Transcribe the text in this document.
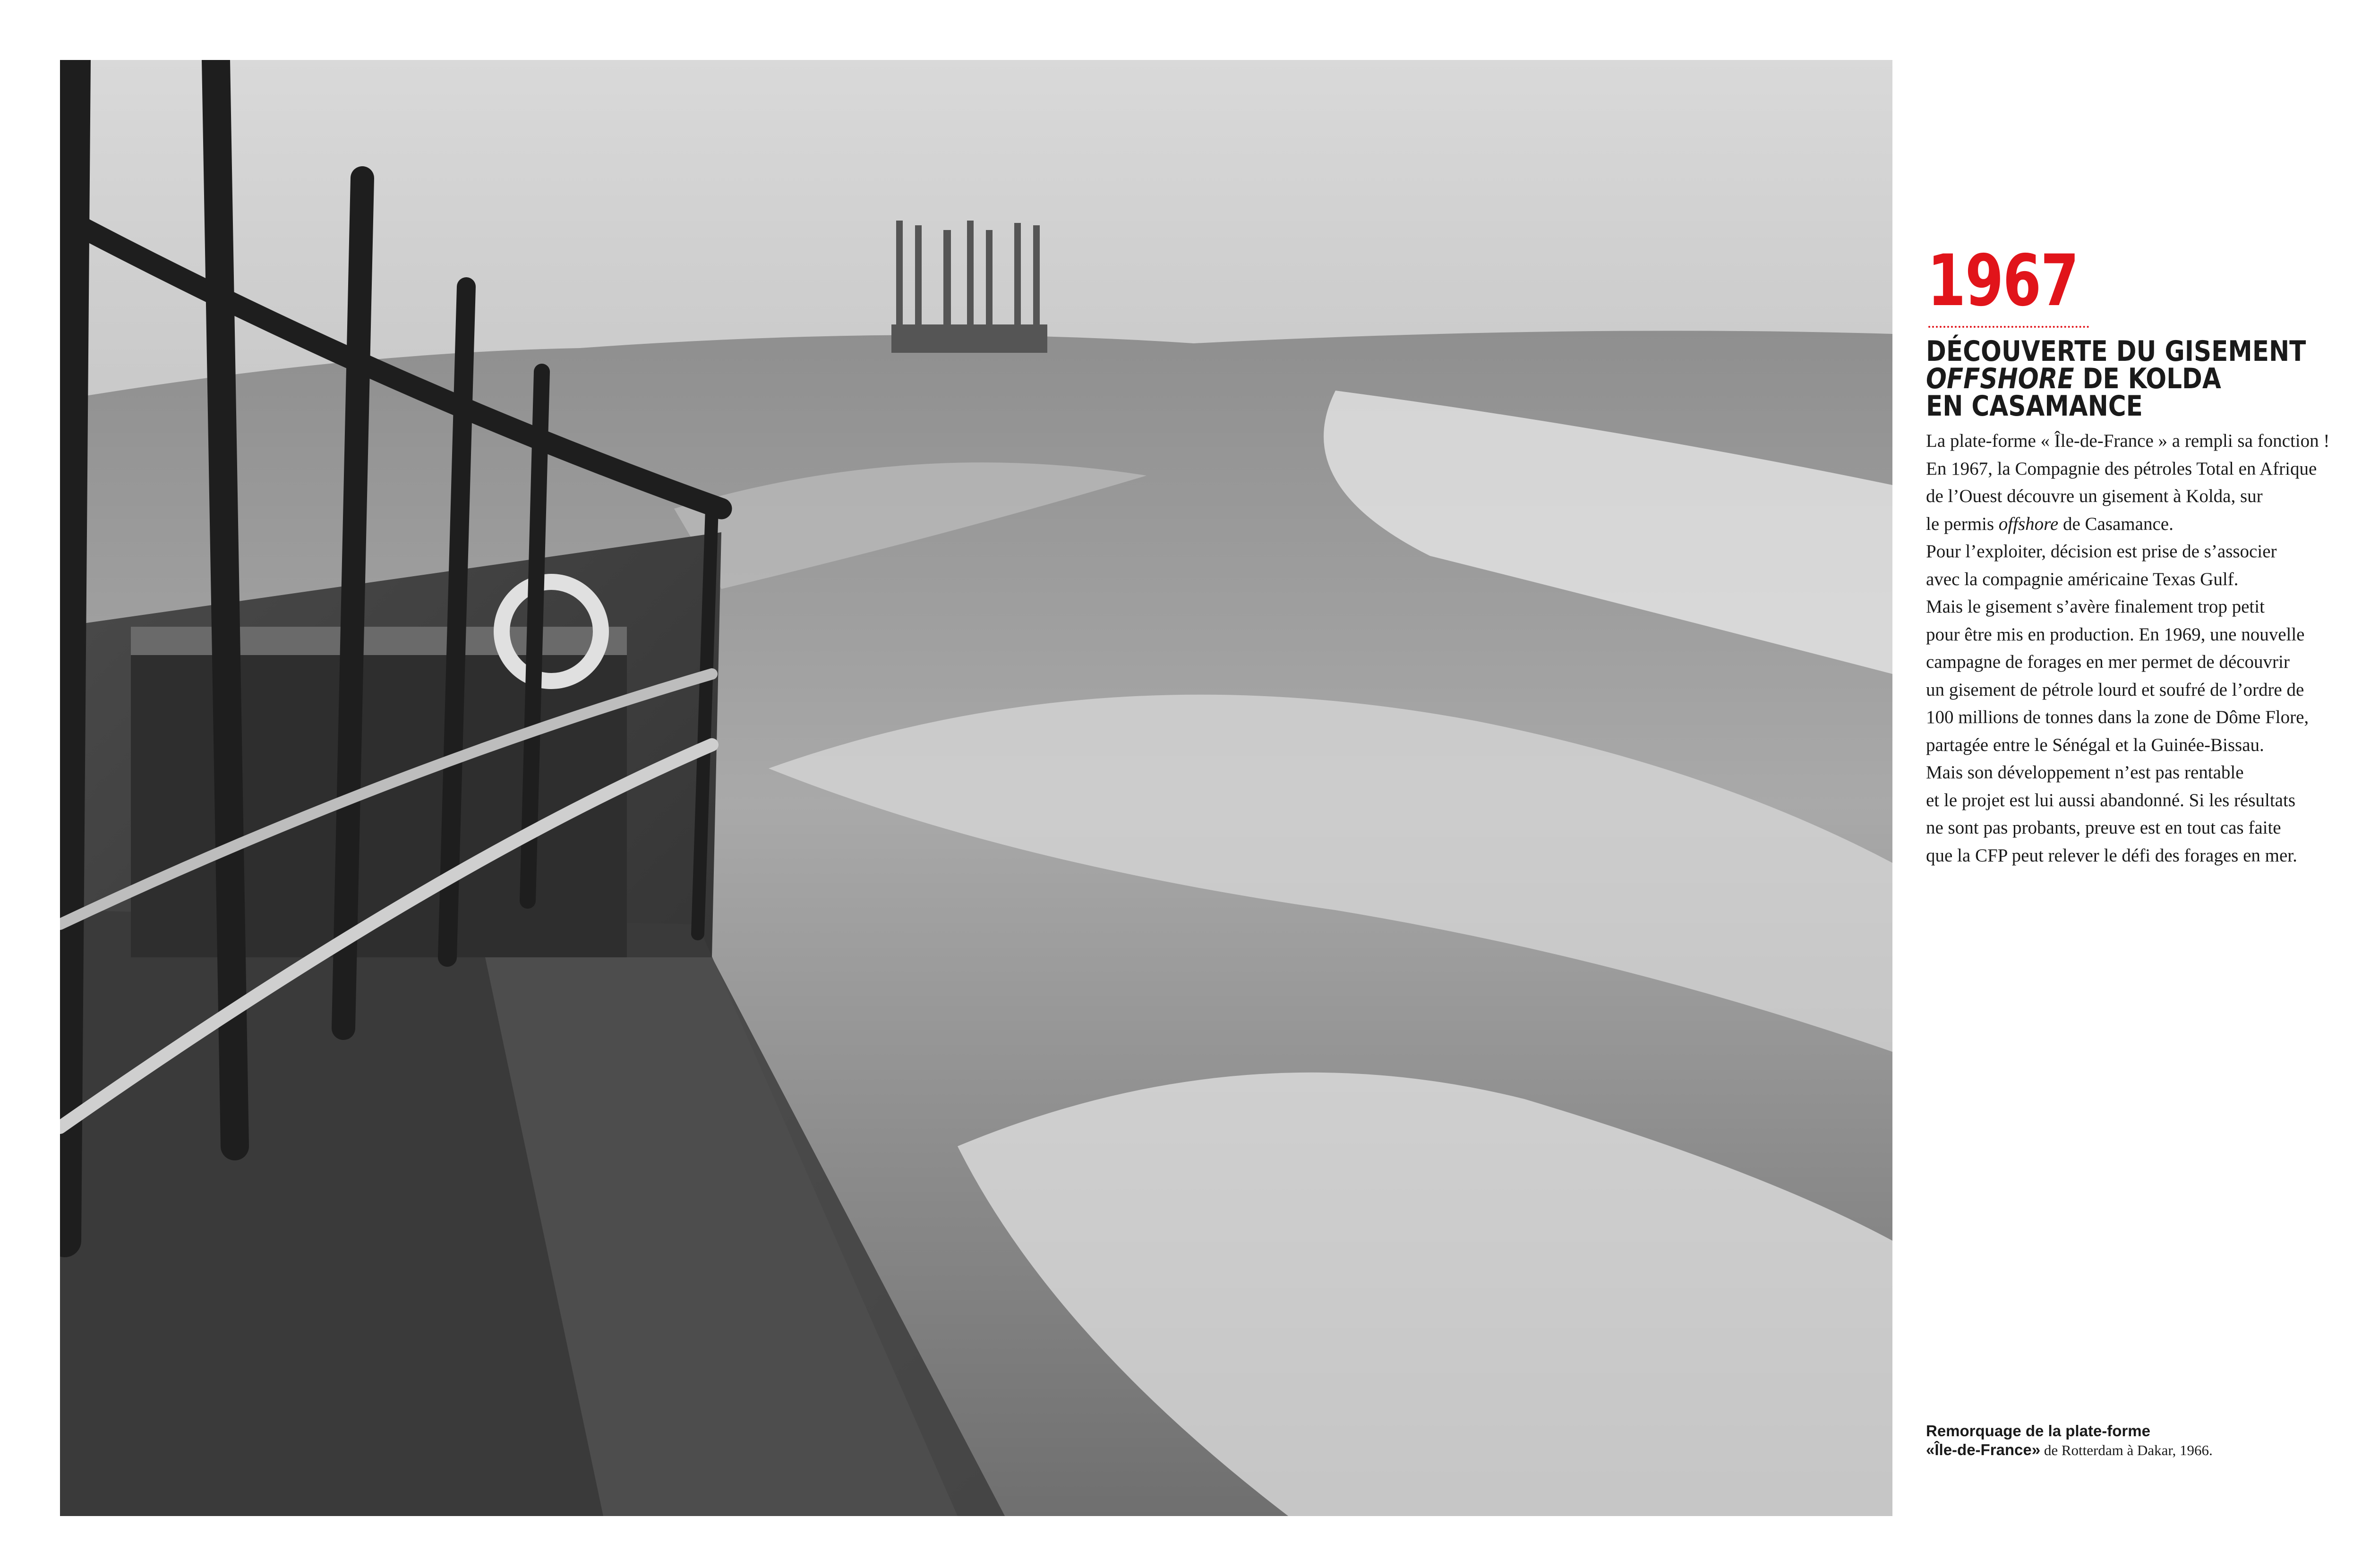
1967
DÉCOUVERTE DU GISEMENT
OFFSHORE DE KOLDA
EN CASAMANCE
La plate-forme « Île-de-France » a rempli sa fonction !
En 1967, la Compagnie des pétroles Total en Afrique
de l’Ouest découvre un gisement à Kolda, sur
le permis offshore de Casamance.
Pour l’exploiter, décision est prise de s’associer
avec la compagnie américaine Texas Gulf.
Mais le gisement s’avère finalement trop petit
pour être mis en production. En 1969, une nouvelle
campagne de forages en mer permet de découvrir
un gisement de pétrole lourd et soufré de l’ordre de
100 millions de tonnes dans la zone de Dôme Flore,
partagée entre le Sénégal et la Guinée-Bissau.
Mais son développement n’est pas rentable
et le projet est lui aussi abandonné. Si les résultats
ne sont pas probants, preuve est en tout cas faite
que la CFP peut relever le défi des forages en mer.
Remorquage de la plate-forme
«Île-de-France» de Rotterdam à Dakar, 1966.
